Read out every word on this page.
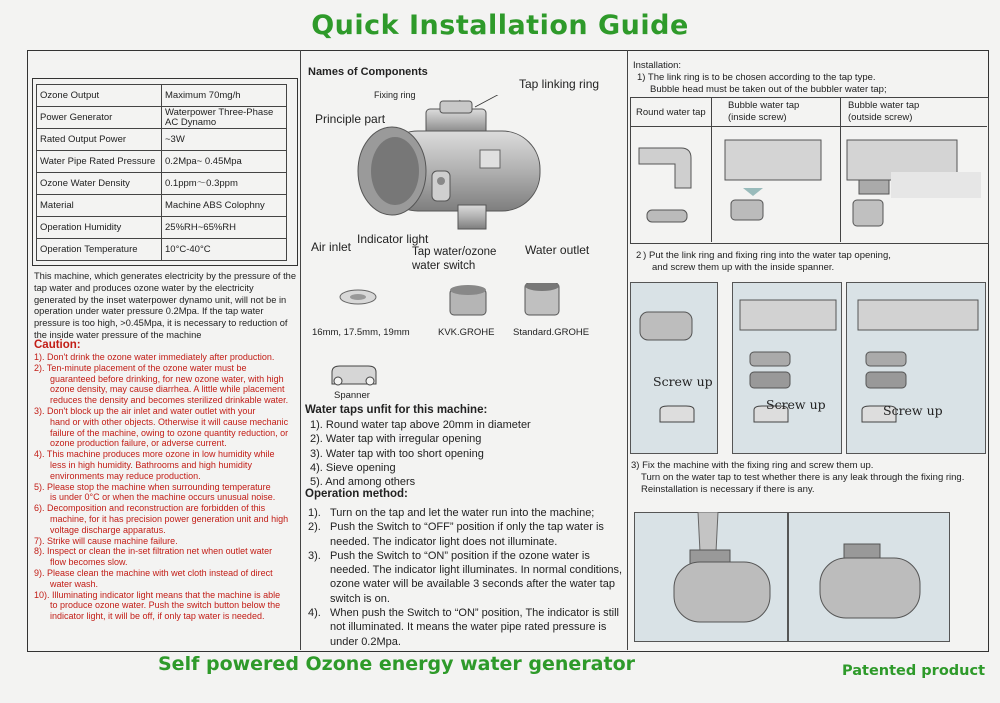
Quick Installation Guide
Ozone Output	Maximum 70mg/h
Power Generator	Waterpower Three-Phase AC Dynamo
Rated Output Power	~3W
Water Pipe Rated Pressure	0.2Mpa~ 0.45Mpa
Ozone Water Density	0.1ppm～0.3ppm
Material	Machine ABS Colophny
Operation Humidity	25%RH~65%RH
Operation Temperature	10°C-40°C
This machine, which generates electricity by the pressure of the tap water and produces ozone water by the electricity generated by the inset waterpower dynamo unit, will not be in operation under water pressure 0.2Mpa. If the tap water pressure is too high, >0.45Mpa, it is necessary to reduction of the inside water pressure of the machine
Caution:
1). Don't drink the ozone water immediately after production.
2). Ten-minute placement of the ozone water must be
guaranteed before drinking, for new ozone water, with high ozone density, may cause diarrhea. A little while placement reduces the density and becomes sterilized drinkable water.
3). Don't block up the air inlet and water outlet with your
hand or with other objects. Otherwise it will cause mechanic failure of the machine, owing to ozone quantity reduction, or ozone production failure, or adverse current.
4). This machine produces more ozone in low humidity while
less in high humidity. Bathrooms and high humidity environments may reduce production.
5). Please stop the machine when surrounding temperature
is under 0°C or when the machine occurs unusual noise.
6). Decomposition and reconstruction are forbidden of this
machine, for it has precision power generation unit and high voltage discharge apparatus.
7). Strike will cause machine failure.
8). Inspect or clean the in-set filtration net when outlet water
flow becomes slow.
9). Please clean the machine with wet cloth instead of direct
water wash.
10). Illuminating indicator light means that the machine is able
to produce ozone water. Push the switch button below the indicator light, it will be off, if only tap water is needed.
Names of Components
Tap linking ring
Fixing ring
Principle part
Indicator light
Air inlet	Tap water/ozone water switch
Water outlet
16mm, 17.5mm, 19mm	KVK.GROHE Standard.GROHE
Spanner
Water taps unfit for this machine:
1). Round water tap above 20mm in diameter
2). Water tap with irregular opening
3). Water tap with too short opening
4). Sieve opening
5). And among others
Operation method:
1). Turn on the tap and let the water run into the machine;
2). Push the Switch to “OFF” position if only the tap water is needed. The indicator light does not illuminate.
3). Push the Switch to “ON” position if the ozone water is needed. The indicator light illuminates. In normal conditions, ozone water will be available 3 seconds after the water tap switch is on.
4). When push the Switch to “ON” position, The indicator is still not illuminated. It means the water pipe rated pressure is under 0.2Mpa.
Installation:
1) The link ring is to be chosen according to the tap type.
Bubble head must be taken out of the bubbler water tap;
Round water tap
Bubble water tap (inside screw)
Bubble water tap (outside screw)
2 ) Put the link ring and fixing ring into the water tap opening,
and screw them up with the inside spanner.
Screw up
Screw up	Screw up
3) Fix the machine with the fixing ring and screw them up.
Turn on the water tap to test whether there is any leak through the fixing ring.
Reinstallation is necessary if there is any.
Self powered Ozone energy water generator	Patented product
